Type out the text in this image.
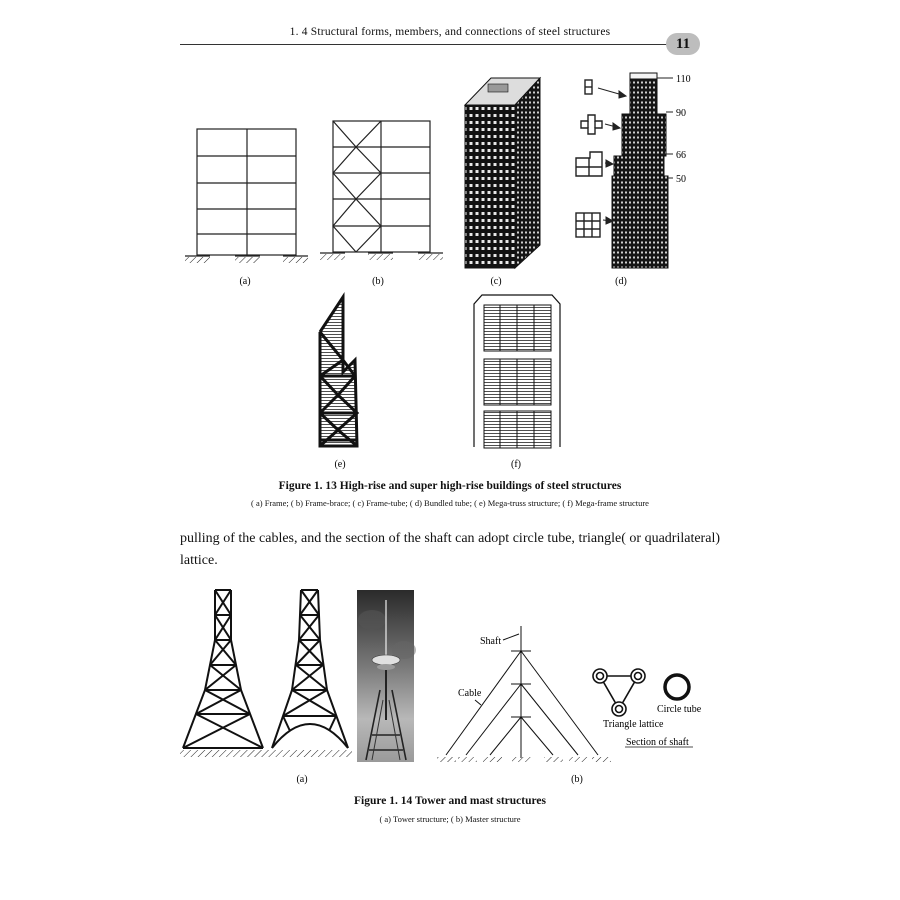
1. 4 Structural forms, members, and connections of steel structures
11
(a)	(b)	(c)	(d)
(e)	(f)
110
90
66
50
Figure 1. 13 High-rise and super high-rise buildings of steel structures
( a) Frame; ( b) Frame-brace; ( c) Frame-tube; ( d) Bundled tube; ( e) Mega-truss structure; ( f) Mega-frame structure
pulling of the cables, and the section of the shaft can adopt circle tube, triangle( or quadrilateral)
lattice.
Shaft
Cable
Triangle lattice
Circle tube
Section of shaft
(a)	(b)
Figure 1. 14 Tower and mast structures
( a) Tower structure; ( b) Master structure
